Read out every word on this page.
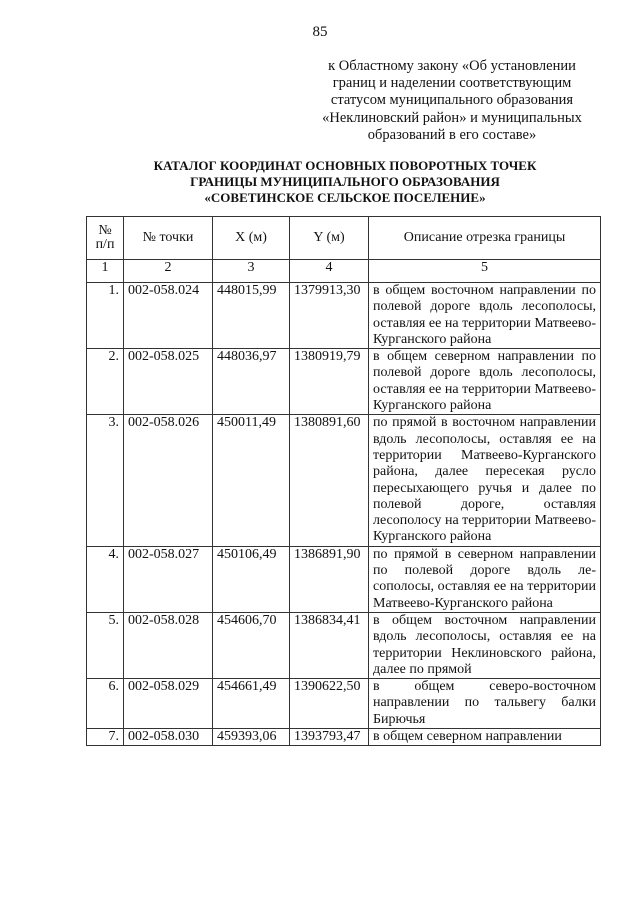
85
к Областному закону «Об установлении
границ и наделении соответствующим
статусом муниципального образования
«Неклиновский район» и муниципальных
образований в его составе»
КАТАЛОГ КООРДИНАТ ОСНОВНЫХ ПОВОРОТНЫХ ТОЧЕК
ГРАНИЦЫ МУНИЦИПАЛЬНОГО ОБРАЗОВАНИЯ
«СОВЕТИНСКОЕ СЕЛЬСКОЕ ПОСЕЛЕНИЕ»
№
п/п	№ точки	X (м)	Y (м)	Описание отрезка границы
1	2	3	4	5
1.	002-058.024	448015,99	1379913,30	в общем восточном направлении по полевой дороге вдоль лесополосы, оставляя ее на территории Матвеево-Курганского района
2.	002-058.025	448036,97	1380919,79	в общем северном направлении по полевой дороге вдоль лесополосы, оставляя ее на территории Матвеево-Курганского района
3.	002-058.026	450011,49	1380891,60	по прямой в восточном направлении вдоль лесополосы, оставляя ее на территории Матвеево-Курганского района, далее пересекая русло пересыхающего ручья и далее по полевой дороге, оставляя лесополосу на территории Матвеево-Курганского района
4.	002-058.027	450106,49	1386891,90	по прямой в северном направлении по полевой дороге вдоль лесополосы, оставляя ее на территории Матвеево-Курганского района
5.	002-058.028	454606,70	1386834,41	в общем восточном направлении вдоль лесополосы, оставляя ее на территории Неклиновского района, далее по прямой
6.	002-058.029	454661,49	1390622,50	в общем северо-восточном направлении по тальвегу балки Бирючья
7.	002-058.030	459393,06	1393793,47	в общем северном направлении
